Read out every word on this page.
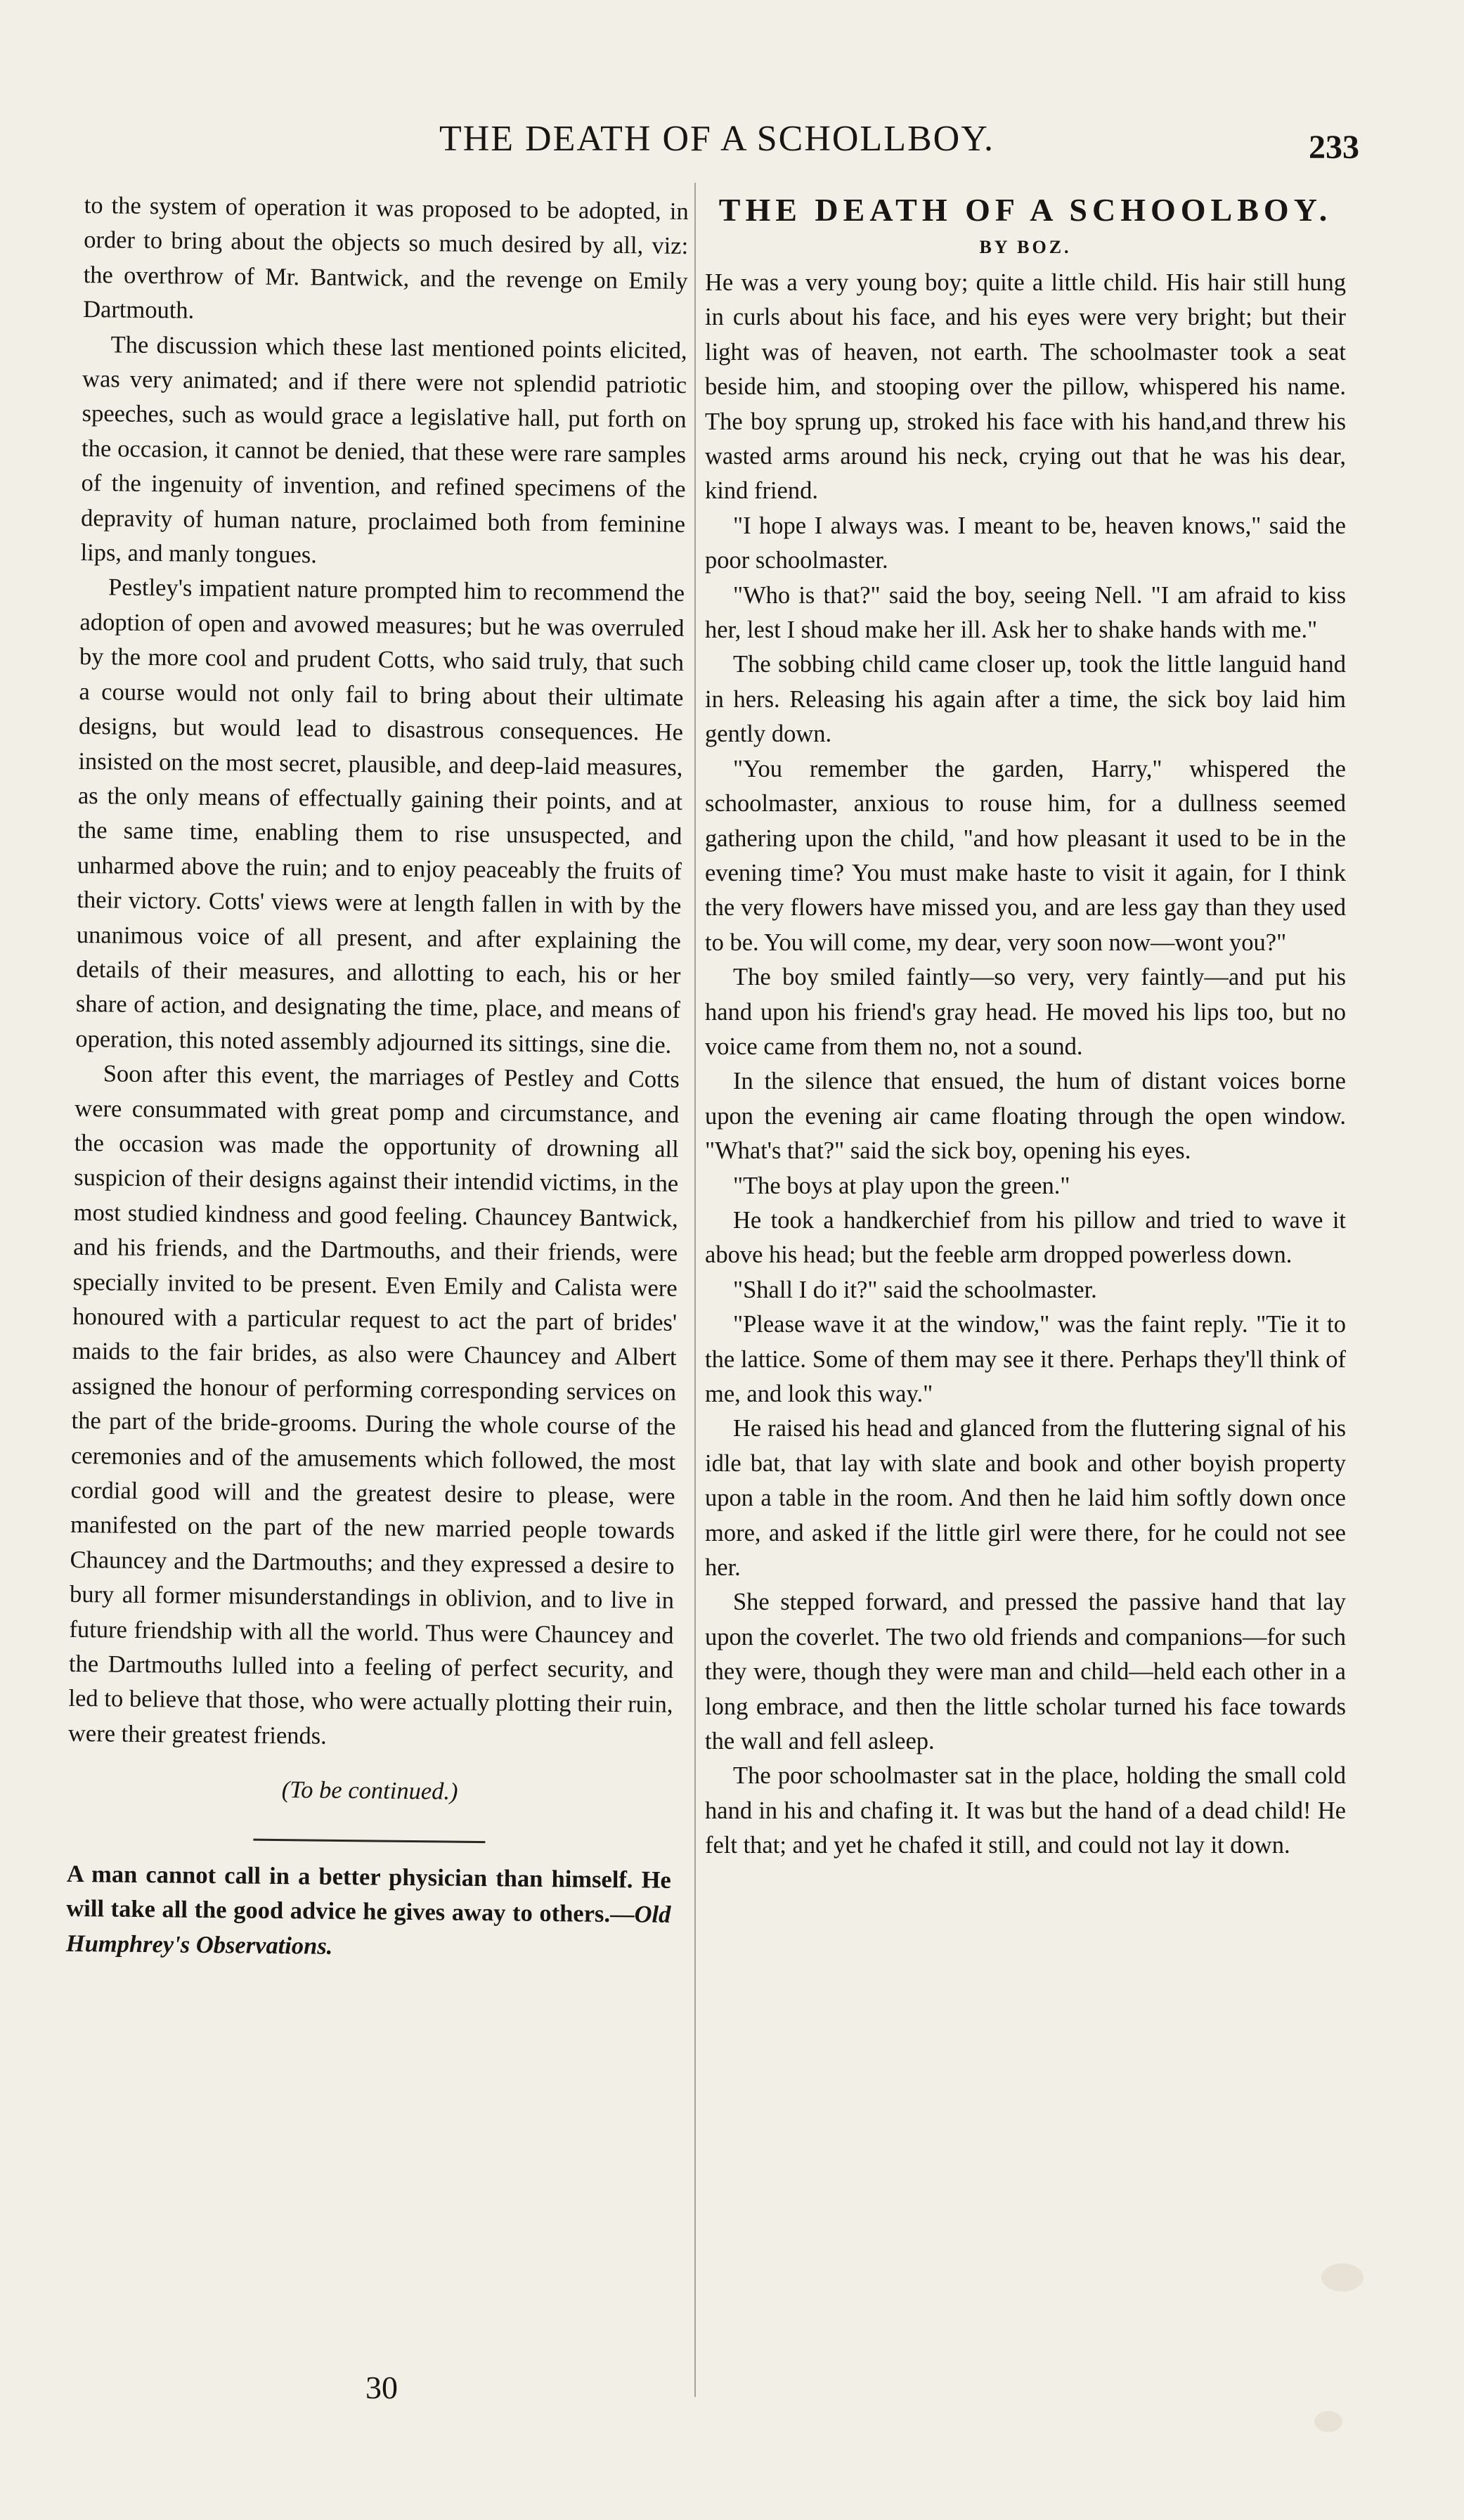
THE DEATH OF A SCHOLLBOY.	233

to the system of operation it was proposed to be adopted, in order to bring about the objects so much desired by all, viz: the overthrow of Mr. Bantwick, and the revenge on Emily Dartmouth.

The discussion which these last mentioned points elicited, was very animated; and if there were not splendid patriotic speeches, such as would grace a legislative hall, put forth on the occasion, it cannot be denied, that these were rare samples of the ingenuity of invention, and refined specimens of the depravity of human nature, proclaimed both from feminine lips, and manly tongues.

Pestley's impatient nature prompted him to recommend the adoption of open and avowed measures; but he was overruled by the more cool and prudent Cotts, who said truly, that such a course would not only fail to bring about their ultimate designs, but would lead to disastrous consequences. He insisted on the most secret, plausible, and deep-laid measures, as the only means of effectually gaining their points, and at the same time, enabling them to rise unsuspected, and unharmed above the ruin; and to enjoy peaceably the fruits of their victory. Cotts' views were at length fallen in with by the unanimous voice of all present, and after explaining the details of their measures, and allotting to each, his or her share of action, and designating the time, place, and means of operation, this noted assembly adjourned its sittings, sine die.

Soon after this event, the marriages of Pestley and Cotts were consummated with great pomp and circumstance, and the occasion was made the opportunity of drowning all suspicion of their designs against their intendid victims, in the most studied kindness and good feeling. Chauncey Bantwick, and his friends, and the Dartmouths, and their friends, were specially invited to be present. Even Emily and Calista were honoured with a particular request to act the part of brides' maids to the fair brides, as also were Chauncey and Albert assigned the honour of performing corresponding services on the part of the bride-grooms. During the whole course of the ceremonies and of the amusements which followed, the most cordial good will and the greatest desire to please, were manifested on the part of the new married people towards Chauncey and the Dartmouths; and they expressed a desire to bury all former misunderstandings in oblivion, and to live in future friendship with all the world. Thus were Chauncey and the Dartmouths lulled into a feeling of perfect security, and led to believe that those, who were actually plotting their ruin, were their greatest friends.

(To be continued.)

A man cannot call in a better physician than himself. He will take all the good advice he gives away to others.—Old Humphrey's Observations.

THE DEATH OF A SCHOOLBOY.
BY BOZ.

He was a very young boy; quite a little child. His hair still hung in curls about his face, and his eyes were very bright; but their light was of heaven, not earth. The schoolmaster took a seat beside him, and stooping over the pillow, whispered his name. The boy sprung up, stroked his face with his hand,and threw his wasted arms around his neck, crying out that he was his dear, kind friend.

"I hope I always was. I meant to be, heaven knows," said the poor schoolmaster.

"Who is that?" said the boy, seeing Nell. "I am afraid to kiss her, lest I shoud make her ill. Ask her to shake hands with me."

The sobbing child came closer up, took the little languid hand in hers. Releasing his again after a time, the sick boy laid him gently down.

"You remember the garden, Harry," whispered the schoolmaster, anxious to rouse him, for a dullness seemed gathering upon the child, "and how pleasant it used to be in the evening time? You must make haste to visit it again, for I think the very flowers have missed you, and are less gay than they used to be. You will come, my dear, very soon now—wont you?"

The boy smiled faintly—so very, very faintly—and put his hand upon his friend's gray head. He moved his lips too, but no voice came from them no, not a sound.

In the silence that ensued, the hum of distant voices borne upon the evening air came floating through the open window. "What's that?" said the sick boy, opening his eyes.

"The boys at play upon the green."

He took a handkerchief from his pillow and tried to wave it above his head; but the feeble arm dropped powerless down.

"Shall I do it?" said the schoolmaster.

"Please wave it at the window," was the faint reply. "Tie it to the lattice. Some of them may see it there. Perhaps they'll think of me, and look this way."

He raised his head and glanced from the fluttering signal of his idle bat, that lay with slate and book and other boyish property upon a table in the room. And then he laid him softly down once more, and asked if the little girl were there, for he could not see her.

She stepped forward, and pressed the passive hand that lay upon the coverlet. The two old friends and companions—for such they were, though they were man and child—held each other in a long embrace, and then the little scholar turned his face towards the wall and fell asleep.

The poor schoolmaster sat in the place, holding the small cold hand in his and chafing it. It was but the hand of a dead child! He felt that; and yet he chafed it still, and could not lay it down.

30
